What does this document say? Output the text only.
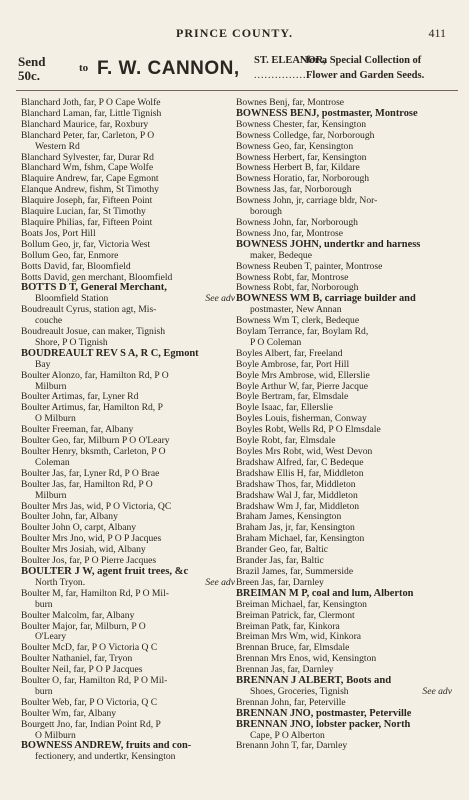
PRINCE COUNTY.	411
Send
50c.	to F. W. CANNON, ST. ELEANOR,
................
for a Special Collection of
Flower and Garden Seeds.
Blanchard Joth, far, P O Cape Wolfe
Blanchard Laman, far, Little Tignish
Blanchard Maurice, far, Roxbury
Blanchard Peter, far, Carleton, P O
Western Rd
Blanchard Sylvester, far, Durar Rd
Blanchard Wm, fshm, Cape Wolfe
Blaquire Andrew, far, Cape Egmont
Elanque Andrew, fishm, St Timothy
Blaquire Joseph, far, Fifteen Point
Blaquire Lucian, far, St Timothy
Blaquire Philias, far, Fifteen Point
Boats Jos, Port Hill
Bollum Geo, jr, far, Victoria West
Bollum Geo, far, Enmore
Botts David, far, Bloomfield
Botts David, gen merchant, Bloomfield
BOTTS D T, General Merchant,
Bloomfield Station	See adv
Boudreault Cyrus, station agt, Mis-
couche
Boudreault Josue, can maker, Tignish
Shore, P O Tignish
BOUDREAULT REV S A, R C, Egmont
Bay
Boulter Alonzo, far, Hamilton Rd, P O
Milburn
Boulter Artimas, far, Lyner Rd
Boulter Artimus, far, Hamilton Rd, P
O Milburn
Boulter Freeman, far, Albany
Boulter Geo, far, Milburn P O O'Leary
Boulter Henry, bksmth, Carleton, P O
Coleman
Boulter Jas, far, Lyner Rd, P O Brae
Boulter Jas, far, Hamilton Rd, P O
Milburn
Boulter Mrs Jas, wid, P O Victoria, QC
Boulter John, far, Albany
Boulter John O, carpt, Albany
Boulter Mrs Jno, wid, P O P Jacques
Boulter Mrs Josiah, wid, Albany
Boulter Jos, far, P O Pierre Jacques
BOULTER J W, agent fruit trees, &c
North Tryon.	See adv
Boulter M, far, Hamilton Rd, P O Mil-
burn
Boulter Malcolm, far, Albany
Boulter Major, far, Milburn, P O
O'Leary
Boulter McD, far, P O Victoria Q C
Boulter Nathaniel, far, Tryon
Boulter Neil, far, P O P Jacques
Boulter O, far, Hamilton Rd, P O Mil-
burn
Boulter Web, far, P O Victoria, Q C
Boulter Wm, far, Albany
Bourgett Jno, far, Indian Point Rd, P
O Milburn
BOWNESS ANDREW, fruits and con-
fectionery, and undertkr, Kensington
Bownes Benj, far, Montrose
BOWNESS BENJ, postmaster, Montrose
Bowness Chester, far, Kensington
Bowness Colledge, far, Norborough
Bowness Geo, far, Kensington
Bowness Herbert, far, Kensington
Bowness Herbert B, far, Kildare
Bowness Horatio, far, Norborough
Bowness Jas, far, Norborough
Bowness John, jr, carriage bldr, Nor-
borough
Bowness John, far, Norborough
Bowness Jno, far, Montrose
BOWNESS JOHN, undertkr and harness
maker, Bedeque
Bowness Reuben T, painter, Montrose
Bowness Robt, far, Montrose
Bowness Robt, far, Norborough
BOWNESS WM B, carriage builder and
postmaster, New Annan
Bowness Wm T, clerk, Bedeque
Boylam Terrance, far, Boylam Rd,
P O Coleman
Boyles Albert, far, Freeland
Boyle Ambrose, far, Port Hill
Boyle Mrs Ambrose, wid, Ellerslie
Boyle Arthur W, far, Pierre Jacque
Boyle Bertram, far, Elmsdale
Boyle Isaac, far, Ellerslie
Boyles Louis, fisherman, Conway
Boyles Robt, Wells Rd, P O Elmsdale
Boyle Robt, far, Elmsdale
Boyles Mrs Robt, wid, West Devon
Bradshaw Alfred, far, C Bedeque
Bradshaw Ellis H, far, Middleton
Bradshaw Thos, far, Middleton
Bradshaw Wal J, far, Middleton
Bradshaw Wm J, far, Middleton
Braham James, Kensington
Braham Jas, jr, far, Kensington
Braham Michael, far, Kensington
Brander Geo, far, Baltic
Brander Jas, far, Baltic
Brazil James, far, Summerside
Breen Jas, far, Darnley
BREIMAN M P, coal and lum, Alberton
Breiman Michael, far, Kensington
Breiman Patrick, far, Clermont
Breiman Patk, far, Kinkora
Breiman Mrs Wm, wid, Kinkora
Brennan Bruce, far, Elmsdale
Brennan Mrs Enos, wid, Kensington
Brennan Jas, far, Darnley
BRENNAN J ALBERT, Boots and
Shoes, Groceries, Tignish	See adv
Brennan John, far, Peterville
BRENNAN JNO, postmaster, Peterville
BRENNAN JNO, lobster packer, North
Cape, P O Alberton
Brenann John T, far, Darnley
